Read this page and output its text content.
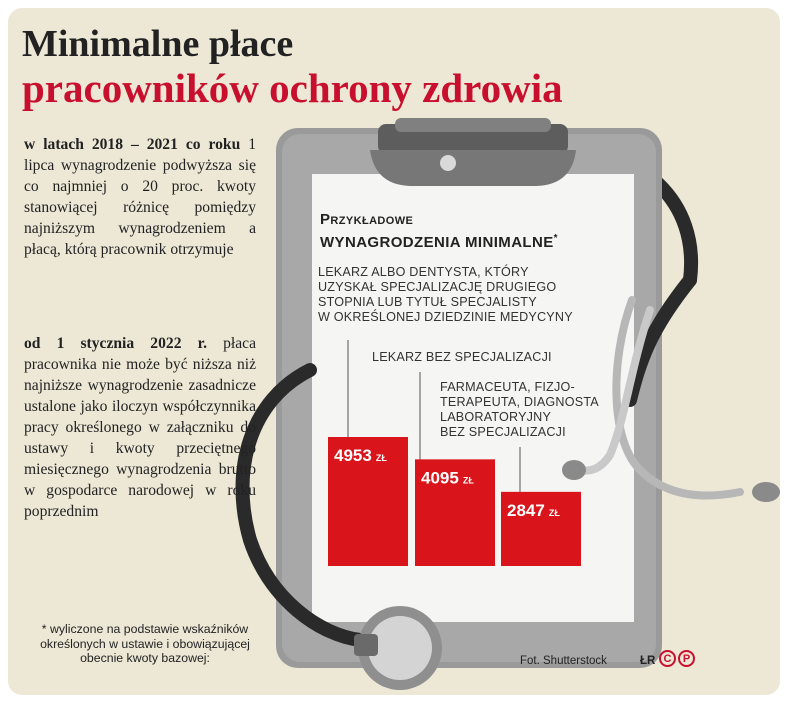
4953 ZŁ
4095 ZŁ
2847 ZŁ
Minimalne płace
pracowników ochrony zdrowia
w latach 2018 – 2021 co roku 1 lipca wynagrodzenie podwyższa się co najmniej o 20 proc. kwoty stanowiącej różnicę pomiędzy najniższym wynagrodzeniem a płacą, którą pracownik otrzymuje
od 1 stycznia 2022 r. płaca pracownika nie może być niższa niż najniższe wynagrodzenie zasadnicze ustalone jako iloczyn współczynnika pracy określonego w załączniku do ustawy i kwoty przeciętnego miesięcznego wynagrodzenia brutto w gospodarce narodowej w roku poprzednim
Przykładowe
WYNAGRODZENIA MINIMALNE*
LEKARZ ALBO DENTYSTA, KTÓRY
UZYSKAŁ SPECJALIZACJĘ DRUGIEGO
STOPNIA LUB TYTUŁ SPECJALISTY
W OKREŚLONEJ DZIEDZINIE MEDYCYNY
LEKARZ BEZ SPECJALIZACJI
FARMACEUTA, FIZJO-
TERAPEUTA, DIAGNOSTA
LABORATORYJNY
BEZ SPECJALIZACJI
* wyliczone na podstawie wskaźników określonych w ustawie i obowiązującej obecnie kwoty bazowej:	Fot. Shutterstock	ŁR C	P
